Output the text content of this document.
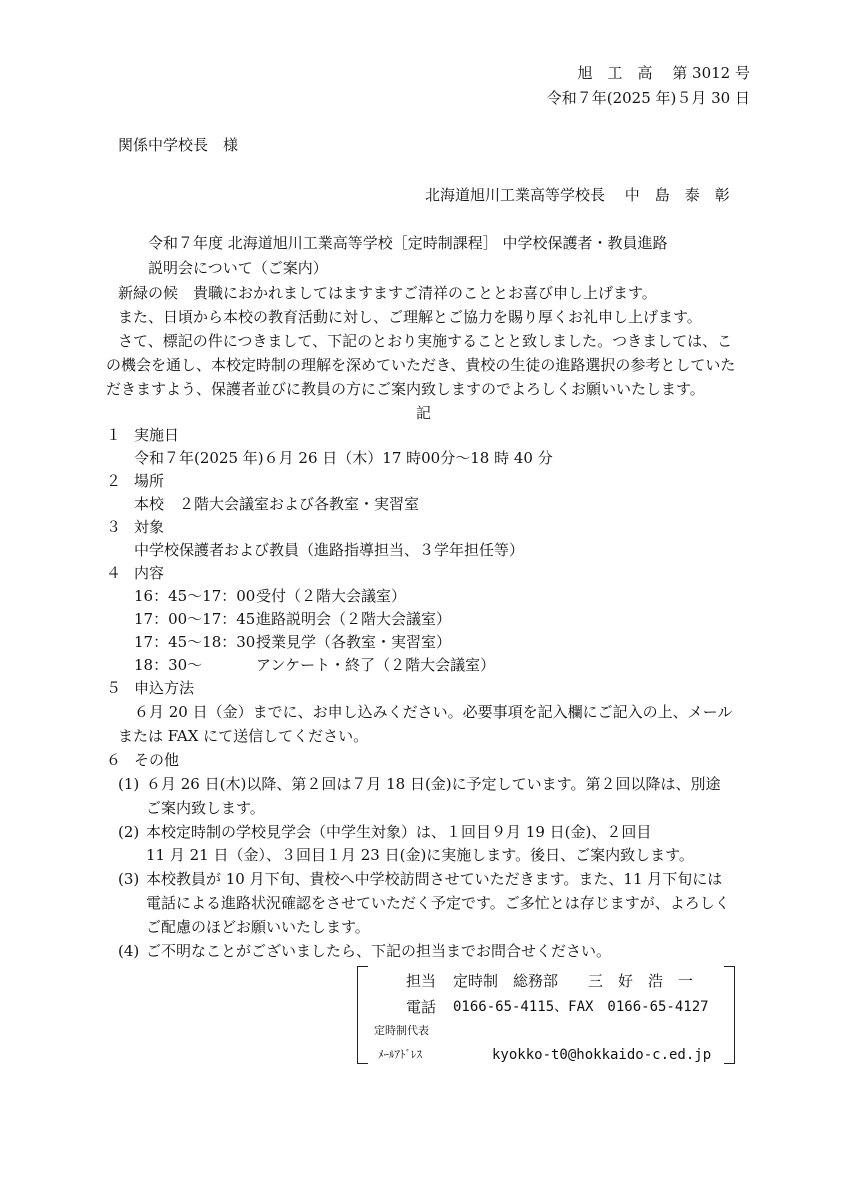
旭　工　高　 第 3012 号
令和７年(2025 年)５月 30 日
関係中学校長　様
北海道旭川工業高等学校長　 中　島　泰　彰
令和７年度 北海道旭川工業高等学校［定時制課程］ 中学校保護者・教員進路
説明会について（ご案内）
新緑の候　貴職におかれましてはますますご清祥のこととお喜び申し上げます。
また、日頃から本校の教育活動に対し、ご理解とご協力を賜り厚くお礼申し上げます。
さて、標記の件につきまして、下記のとおり実施することと致しました。つきましては、こ
の機会を通し、本校定時制の理解を深めていただき、貴校の生徒の進路選択の参考としていた
だきますよう、保護者並びに教員の方にご案内致しますのでよろしくお願いいたします。
記
１ 実施日
令和７年(2025 年)６月 26 日（木）17 時00分～18 時 40 分
２ 場所
本校　２階大会議室および各教室・実習室
３ 対象
中学校保護者および教員（進路指導担当、３学年担任等）
４ 内容
16：45～17：00 受付（２階大会議室）
17：00～17：45 進路説明会（２階大会議室）
17：45～18：30 授業見学（各教室・実習室）
18：30～	アンケート・終了（２階大会議室）
５ 申込方法
６月 20 日（金）までに、お申し込みください。必要事項を記入欄にご記入の上、メール
または FAX にて送信してください。
６ その他
(1) ６月 26 日(木)以降、第２回は７月 18 日(金)に予定しています。第２回以降は、別途
ご案内致します。
(2) 本校定時制の学校見学会（中学生対象）は、１回目９月 19 日(金)、２回目
11 月 21 日（金）、３回目１月 23 日(金)に実施します。後日、ご案内致します。
(3) 本校教員が 10 月下旬、貴校へ中学校訪問させていただきます。また、11 月下旬には
電話による進路状況確認をさせていただく予定です。ご多忙とは存じますが、よろしく
ご配慮のほどお願いいたします。
(4) ご不明なことがございましたら、下記の担当までお問合せください。
担当 定時制　総務部　　三　好　浩　一
電話 0166-65-4115、FAX　0166-65-4127
定時制代表
ﾒｰﾙｱﾄﾞﾚｽ	kyokko-t0@hokkaido-c.ed.jp
